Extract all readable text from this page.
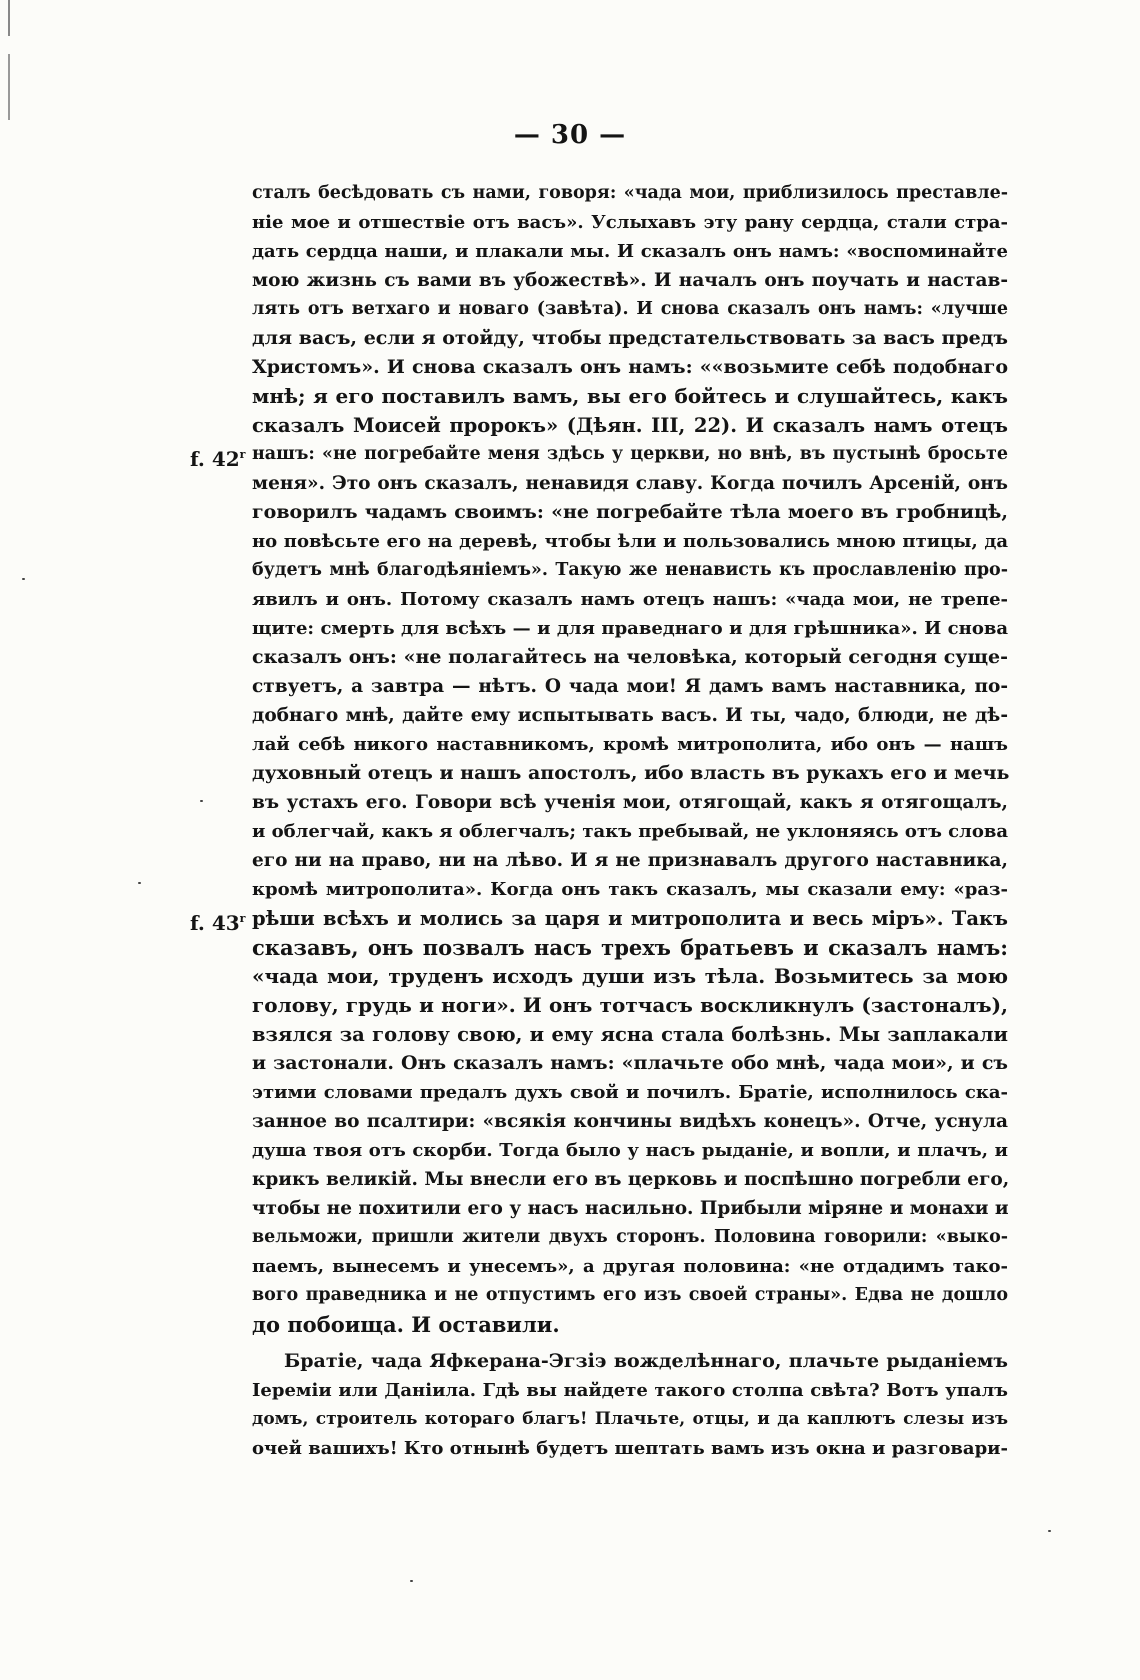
— 30 —
f. 42$^r$
f. 43$^r$
сталъ бесѣдовать съ нами, говоря: «чада мои, приблизилось преставле-
ніе мое и отшествіе отъ васъ». Услыхавъ эту рану сердца, стали стра-
дать сердца наши, и плакали мы. И сказалъ онъ намъ: «воспоминайте
мою жизнь съ вами въ убожествѣ». И началъ онъ поучать и настав-
лять отъ ветхаго и новаго (завѣта). И снова сказалъ онъ намъ: «лучше
для васъ, если я отойду, чтобы предстательствовать за васъ предъ
Христомъ». И снова сказалъ онъ намъ: ««возьмите себѣ подобнаго
мнѣ; я его поставилъ вамъ, вы его бойтесь и слушайтесь, какъ
сказалъ Моисей пророкъ» (Дѣян. III, 22). И сказалъ намъ отецъ
нашъ: «не погребайте меня здѣсь у церкви, но внѣ, въ пустынѣ бросьте
меня». Это онъ сказалъ, ненавидя славу. Когда почилъ Арсеній, онъ
говорилъ чадамъ своимъ: «не погребайте тѣла моего въ гробницѣ,
но повѣсьте его на деревѣ, чтобы ѣли и пользовались мною птицы, да
будетъ мнѣ благодѣяніемъ». Такую же ненависть къ прославленію про-
явилъ и онъ. Потому сказалъ намъ отецъ нашъ: «чада мои, не трепе-
щите: смерть для всѣхъ — и для праведнаго и для грѣшника». И снова
сказалъ онъ: «не полагайтесь на человѣка, который сегодня суще-
ствуетъ, а завтра — нѣтъ. О чада мои! Я дамъ вамъ наставника, по-
добнаго мнѣ, дайте ему испытывать васъ. И ты, чадо, блюди, не дѣ-
лай себѣ никого наставникомъ, кромѣ митрополита, ибо онъ — нашъ
духовный отецъ и нашъ апостолъ, ибо власть въ рукахъ его и мечь
въ устахъ его. Говори всѣ ученія мои, отягощай, какъ я отягощалъ,
и облегчай, какъ я облегчалъ; такъ пребывай, не уклоняясь отъ слова
его ни на право, ни на лѣво. И я не признавалъ другого наставника,
кромѣ митрополита». Когда онъ такъ сказалъ, мы сказали ему: «раз-
рѣши всѣхъ и молись за царя и митрополита и весь міръ». Такъ
сказавъ, онъ позвалъ насъ трехъ братьевъ и сказалъ намъ:
«чада мои, труденъ исходъ души изъ тѣла. Возьмитесь за мою
голову, грудь и ноги». И онъ тотчасъ воскликнулъ (застоналъ),
взялся за голову свою, и ему ясна стала болѣзнь. Мы заплакали
и застонали. Онъ сказалъ намъ: «плачьте обо мнѣ, чада мои», и съ
этими словами предалъ духъ свой и почилъ. Братіе, исполнилось ска-
занное во псалтири: «всякія кончины видѣхъ конецъ». Отче, уснула
душа твоя отъ скорби. Тогда было у насъ рыданіе, и вопли, и плачъ, и
крикъ великій. Мы внесли его въ церковь и поспѣшно погребли его,
чтобы не похитили его у насъ насильно. Прибыли міряне и монахи и
вельможи, пришли жители двухъ сторонъ. Половина говорили: «выко-
паемъ, вынесемъ и унесемъ», а другая половина: «не отдадимъ тако-
вого праведника и не отпустимъ его изъ своей страны». Едва не дошло
до побоища. И оставили.
Братіе, чада Яфкерана-Эгзіэ вожделѣннаго, плачьте рыданіемъ
Іереміи или Даніила. Гдѣ вы найдете такого столпа свѣта? Вотъ упалъ
домъ, строитель котораго благъ! Плачьте, отцы, и да каплютъ слезы изъ
очей вашихъ! Кто отнынѣ будетъ шептать вамъ изъ окна и разговари-
